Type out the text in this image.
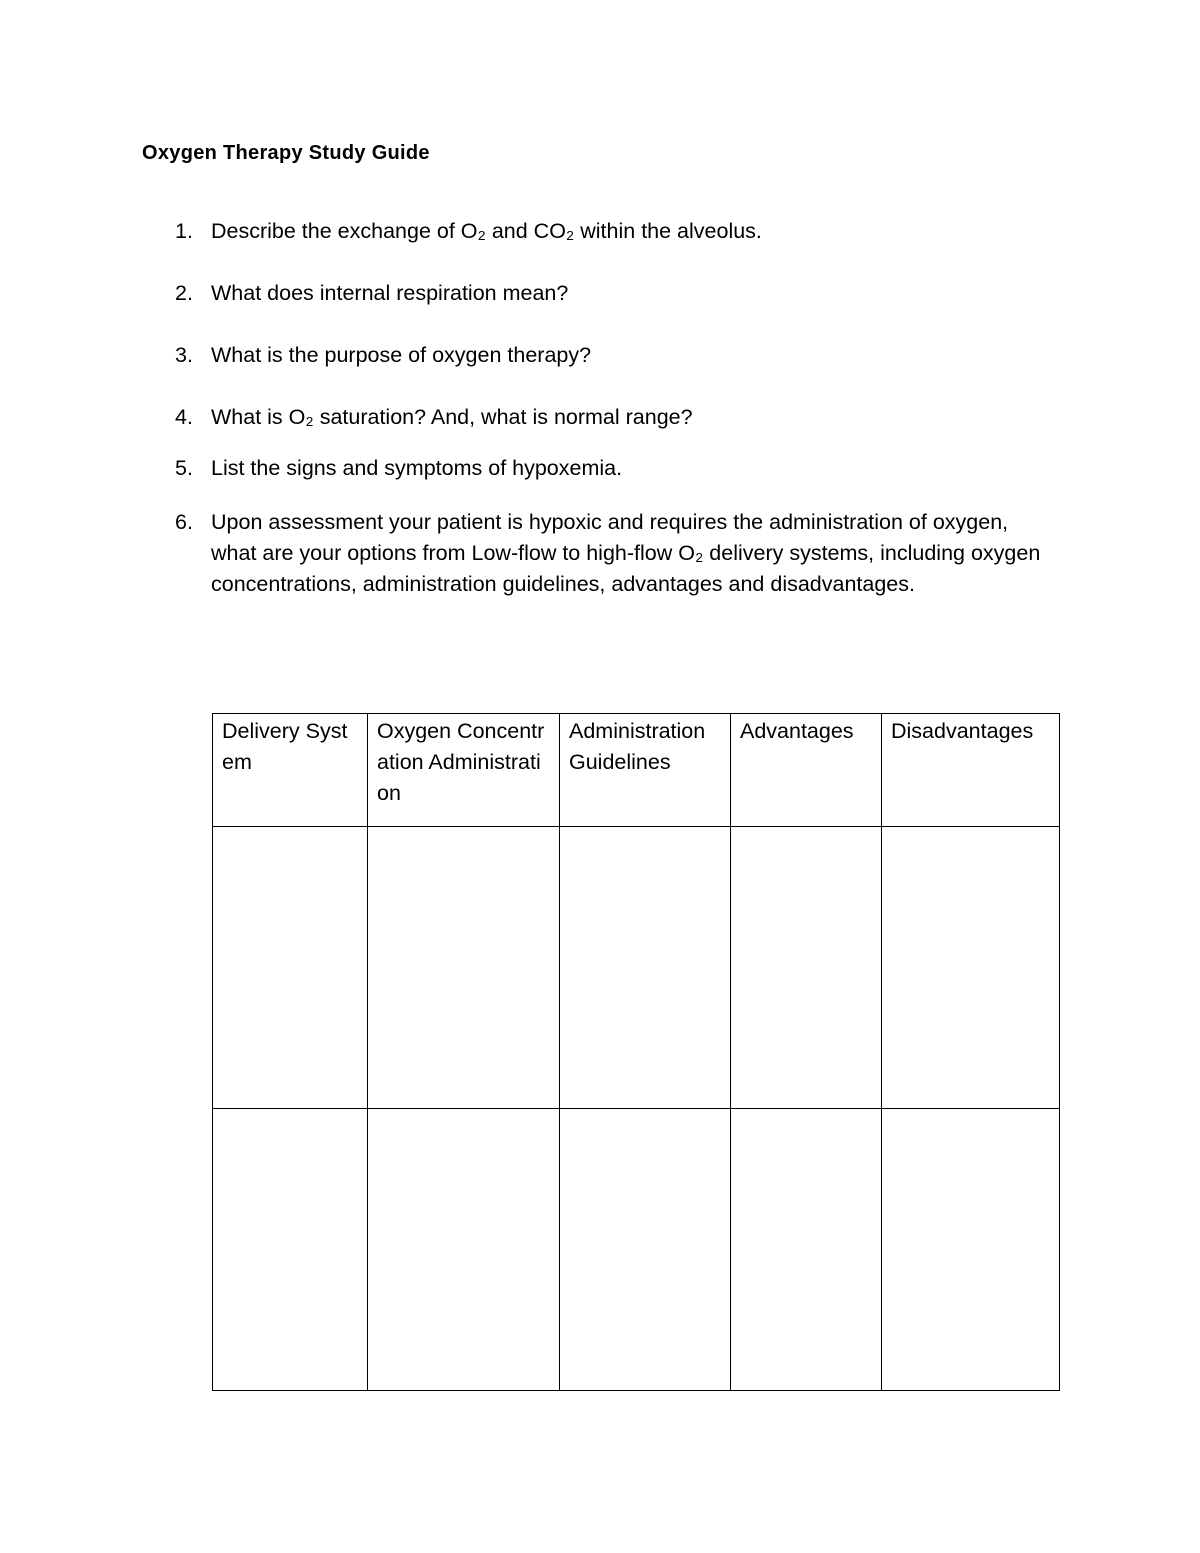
Oxygen Therapy Study Guide
1. Describe the exchange of O₂ and CO₂ within the alveolus.
2. What does internal respiration mean?
3. What is the purpose of oxygen therapy?
4. What is O₂ saturation? And, what is normal range?
5. List the signs and symptoms of hypoxemia.
6. Upon assessment your patient is hypoxic and requires the administration of oxygen, what are your options from Low-flow to high-flow O₂ delivery systems, including oxygen concentrations, administration guidelines, advantages and disadvantages.
Delivery System	Oxygen Concentration Administration	Administration Guidelines	Advantages	Disadvantages
